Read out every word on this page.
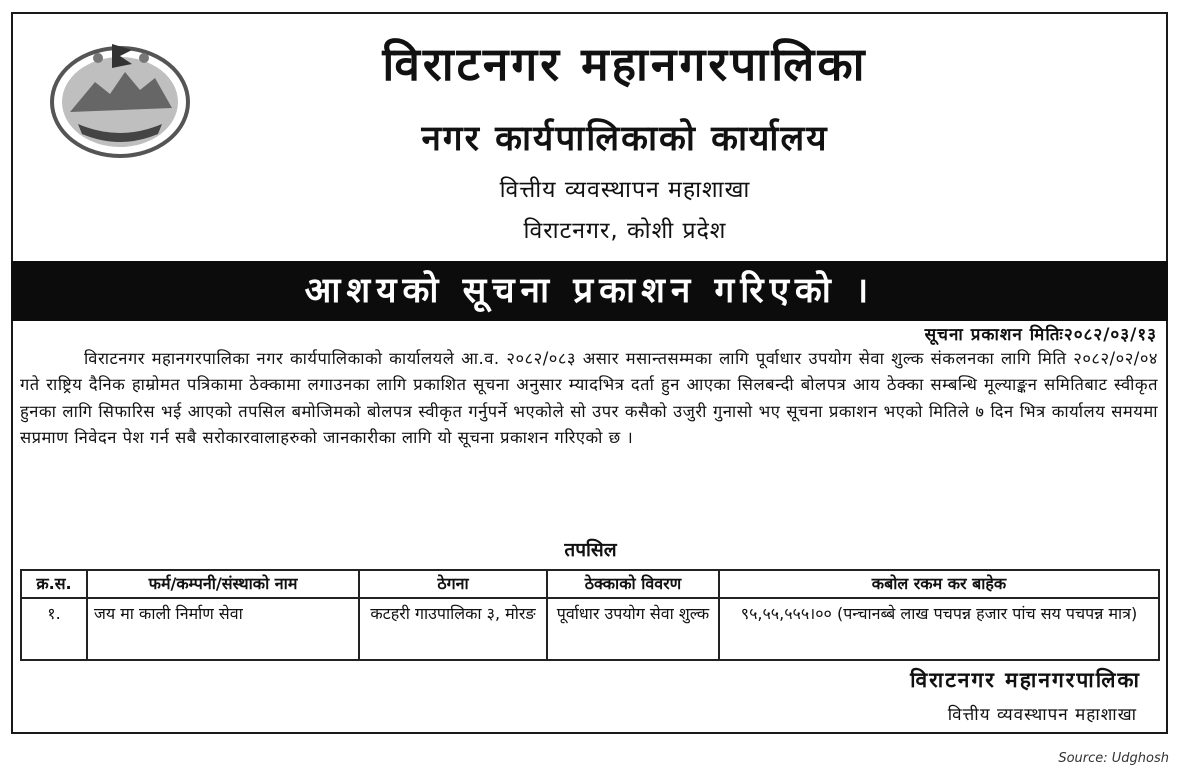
विराटनगर महानगरपालिका
नगर कार्यपालिकाको कार्यालय
वित्तीय व्यवस्थापन महाशाखा
विराटनगर, कोशी प्रदेश
आशयको सूचना प्रकाशन गरिएको ।
सूचना प्रकाशन मितिः२०८२/०३/१३

विराटनगर महानगरपालिका नगर कार्यपालिकाको कार्यालयले आ.व. २०८२/०८३ असार मसान्तसम्मका लागि पूर्वाधार उपयोग सेवा शुल्क संकलनका लागि मिति २०८२/०२/०४ गते राष्ट्रिय दैनिक हाम्रोमत पत्रिकामा ठेक्कामा लगाउनका लागि प्रकाशित सूचना अनुसार म्यादभित्र दर्ता हुन आएका सिलबन्दी बोलपत्र आय ठेक्का सम्बन्धि मूल्याङ्कन समितिबाट स्वीकृत हुनका लागि सिफारिस भई आएको तपसिल बमोजिमको बोलपत्र स्वीकृत गर्नुपर्ने भएकोले सो उपर कसैको उजुरी गुनासो भए सूचना प्रकाशन भएको मितिले ७ दिन भित्र कार्यालय समयमा सप्रमाण निवेदन पेश गर्न सबै सरोकारवालाहरुको जानकारीका लागि यो सूचना प्रकाशन गरिएको छ ।

तपसिल
क्र.स.	फर्म/कम्पनी/संस्थाको नाम	ठेगना	ठेक्काको विवरण	कबोल रकम कर बाहेक
१.	जय मा काली निर्माण सेवा	कटहरी गाउपालिका ३, मोरङ	पूर्वाधार उपयोग सेवा शुल्क	९५,५५,५५५।०० (पन्चानब्बे लाख पचपन्न हजार पांच सय पचपन्न मात्र)
विराटनगर महानगरपालिका
वित्तीय व्यवस्थापन महाशाखा
Source: Udghosh
